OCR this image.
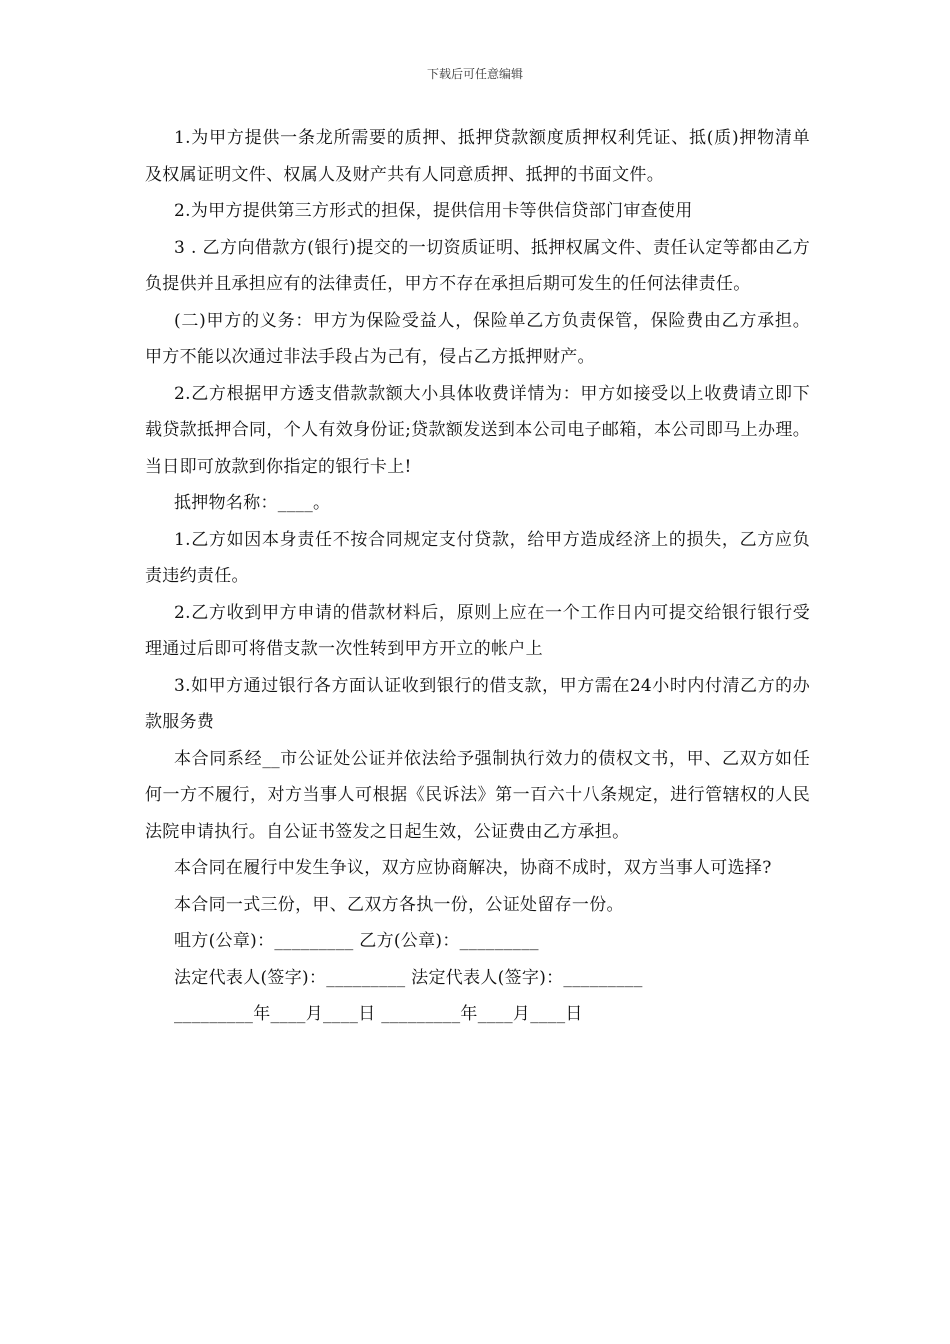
下载后可任意编辑

1.为甲方提供一条龙所需要的质押、抵押贷款额度质押权利凭证、抵(质)押物清单及权属证明文件、权属人及财产共有人同意质押、抵押的书面文件。

2.为甲方提供第三方形式的担保，提供信用卡等供信贷部门审查使用

3 . 乙方向借款方(银行)提交的一切资质证明、抵押权属文件、责任认定等都由乙方负提供并且承担应有的法律责任，甲方不存在承担后期可发生的任何法律责任。

(二)甲方的义务：甲方为保险受益人，保险单乙方负责保管，保险费由乙方承担。甲方不能以次通过非法手段占为己有，侵占乙方抵押财产。

2.乙方根据甲方透支借款款额大小具体收费详情为：甲方如接受以上收费请立即下载贷款抵押合同，个人有效身份证;贷款额发送到本公司电子邮箱，本公司即马上办理。当日即可放款到你指定的银行卡上!

抵押物名称：____。

1.乙方如因本身责任不按合同规定支付贷款，给甲方造成经济上的损失，乙方应负责违约责任。

2.乙方收到甲方申请的借款材料后，原则上应在一个工作日内可提交给银行银行受理通过后即可将借支款一次性转到甲方开立的帐户上

3.如甲方通过银行各方面认证收到银行的借支款，甲方需在24小时内付清乙方的办款服务费

本合同系经__市公证处公证并依法给予强制执行效力的债权文书，甲、乙双方如任何一方不履行，对方当事人可根据《民诉法》第一百六十八条规定，进行管辖权的人民法院申请执行。自公证书签发之日起生效，公证费由乙方承担。

本合同在履行中发生争议，双方应协商解决，协商不成时，双方当事人可选择?

本合同一式三份，甲、乙双方各执一份，公证处留存一份。

咀方(公章)：_________ 乙方(公章)：_________

法定代表人(签字)：_________ 法定代表人(签字)：_________

_________年____月____日 _________年____月____日
